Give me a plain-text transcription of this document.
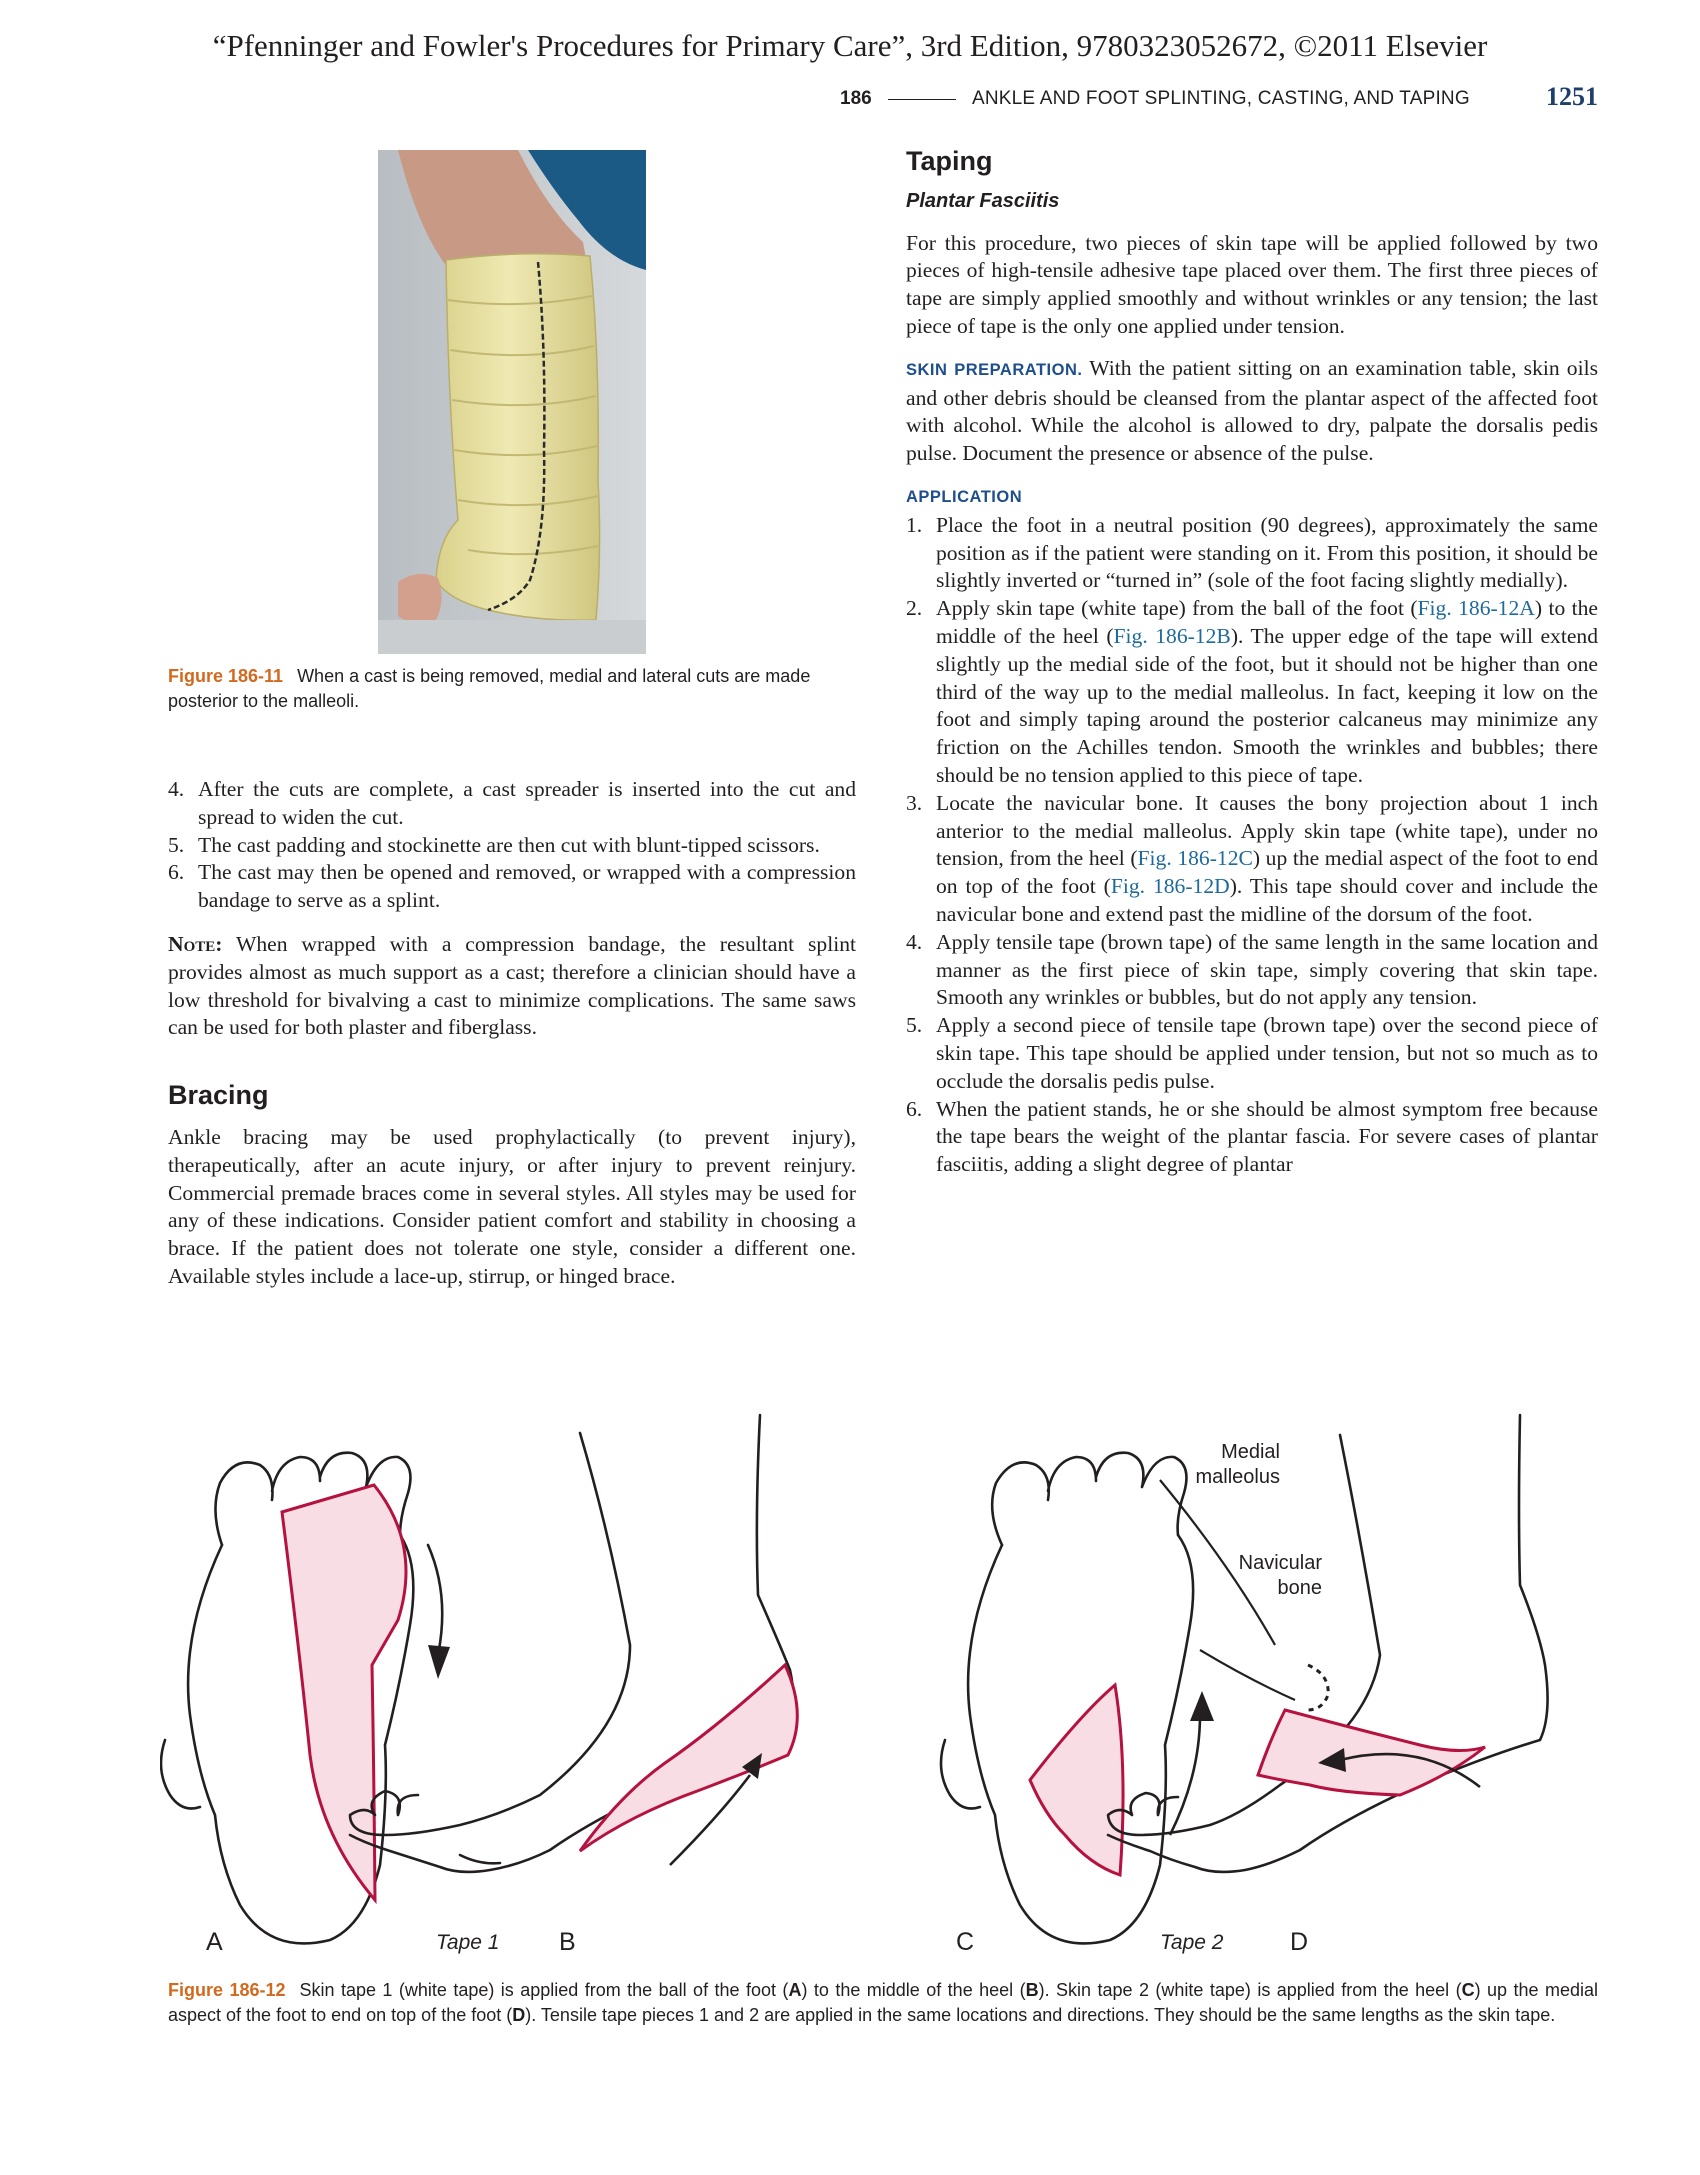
“Pfenninger and Fowler's Procedures for Primary Care”, 3rd Edition, 9780323052672, ©2011 Elsevier
186	ANKLE AND FOOT SPLINTING, CASTING, AND TAPING	1251
Figure 186-11 When a cast is being removed, medial and lateral cuts are made posterior to the malleoli.
4. After the cuts are complete, a cast spreader is inserted into the cut and spread to widen the cut.
5. The cast padding and stockinette are then cut with blunt-tipped scissors.
6. The cast may then be opened and removed, or wrapped with a compression bandage to serve as a splint.

Note: When wrapped with a compression bandage, the resultant splint provides almost as much support as a cast; therefore a clinician should have a low threshold for bivalving a cast to minimize complications. The same saws can be used for both plaster and fiberglass.

Bracing

Ankle bracing may be used prophylactically (to prevent injury), therapeutically, after an acute injury, or after injury to prevent reinjury. Commercial premade braces come in several styles. All styles may be used for any of these indications. Consider patient comfort and stability in choosing a brace. If the patient does not tolerate one style, consider a different one. Available styles include a lace-up, stirrup, or hinged brace.

Taping
Plantar Fasciitis

For this procedure, two pieces of skin tape will be applied followed by two pieces of high-tensile adhesive tape placed over them. The first three pieces of tape are simply applied smoothly and without wrinkles or any tension; the last piece of tape is the only one applied under tension.

SKIN PREPARATION. With the patient sitting on an examination table, skin oils and other debris should be cleansed from the plantar aspect of the affected foot with alcohol. While the alcohol is allowed to dry, palpate the dorsalis pedis pulse. Document the presence or absence of the pulse.

APPLICATION
1. Place the foot in a neutral position (90 degrees), approximately the same position as if the patient were standing on it. From this position, it should be slightly inverted or “turned in” (sole of the foot facing slightly medially).
2. Apply skin tape (white tape) from the ball of the foot (Fig. 186-12A) to the middle of the heel (Fig. 186-12B). The upper edge of the tape will extend slightly up the medial side of the foot, but it should not be higher than one third of the way up to the medial malleolus. In fact, keeping it low on the foot and simply taping around the posterior calcaneus may minimize any friction on the Achilles tendon. Smooth the wrinkles and bubbles; there should be no tension applied to this piece of tape.
3. Locate the navicular bone. It causes the bony projection about 1 inch anterior to the medial malleolus. Apply skin tape (white tape), under no tension, from the heel (Fig. 186-12C) up the medial aspect of the foot to end on top of the foot (Fig. 186-12D). This tape should cover and include the navicular bone and extend past the midline of the dorsum of the foot.
4. Apply tensile tape (brown tape) of the same length in the same location and manner as the first piece of skin tape, simply covering that skin tape. Smooth any wrinkles or bubbles, but do not apply any tension.
5. Apply a second piece of tensile tape (brown tape) over the second piece of skin tape. This tape should be applied under tension, but not so much as to occlude the dorsalis pedis pulse.
6. When the patient stands, he or she should be almost symptom free because the tape bears the weight of the plantar fascia. For severe cases of plantar fasciitis, adding a slight degree of plantar
Medial
malleolus
Navicular
bone
A	Tape 1 B	C	Tape 2	D
Figure 186-12 Skin tape 1 (white tape) is applied from the ball of the foot (A) to the middle of the heel (B). Skin tape 2 (white tape) is applied from the heel (C) up the medial aspect of the foot to end on top of the foot (D). Tensile tape pieces 1 and 2 are applied in the same locations and directions. They should be the same lengths as the skin tape.
